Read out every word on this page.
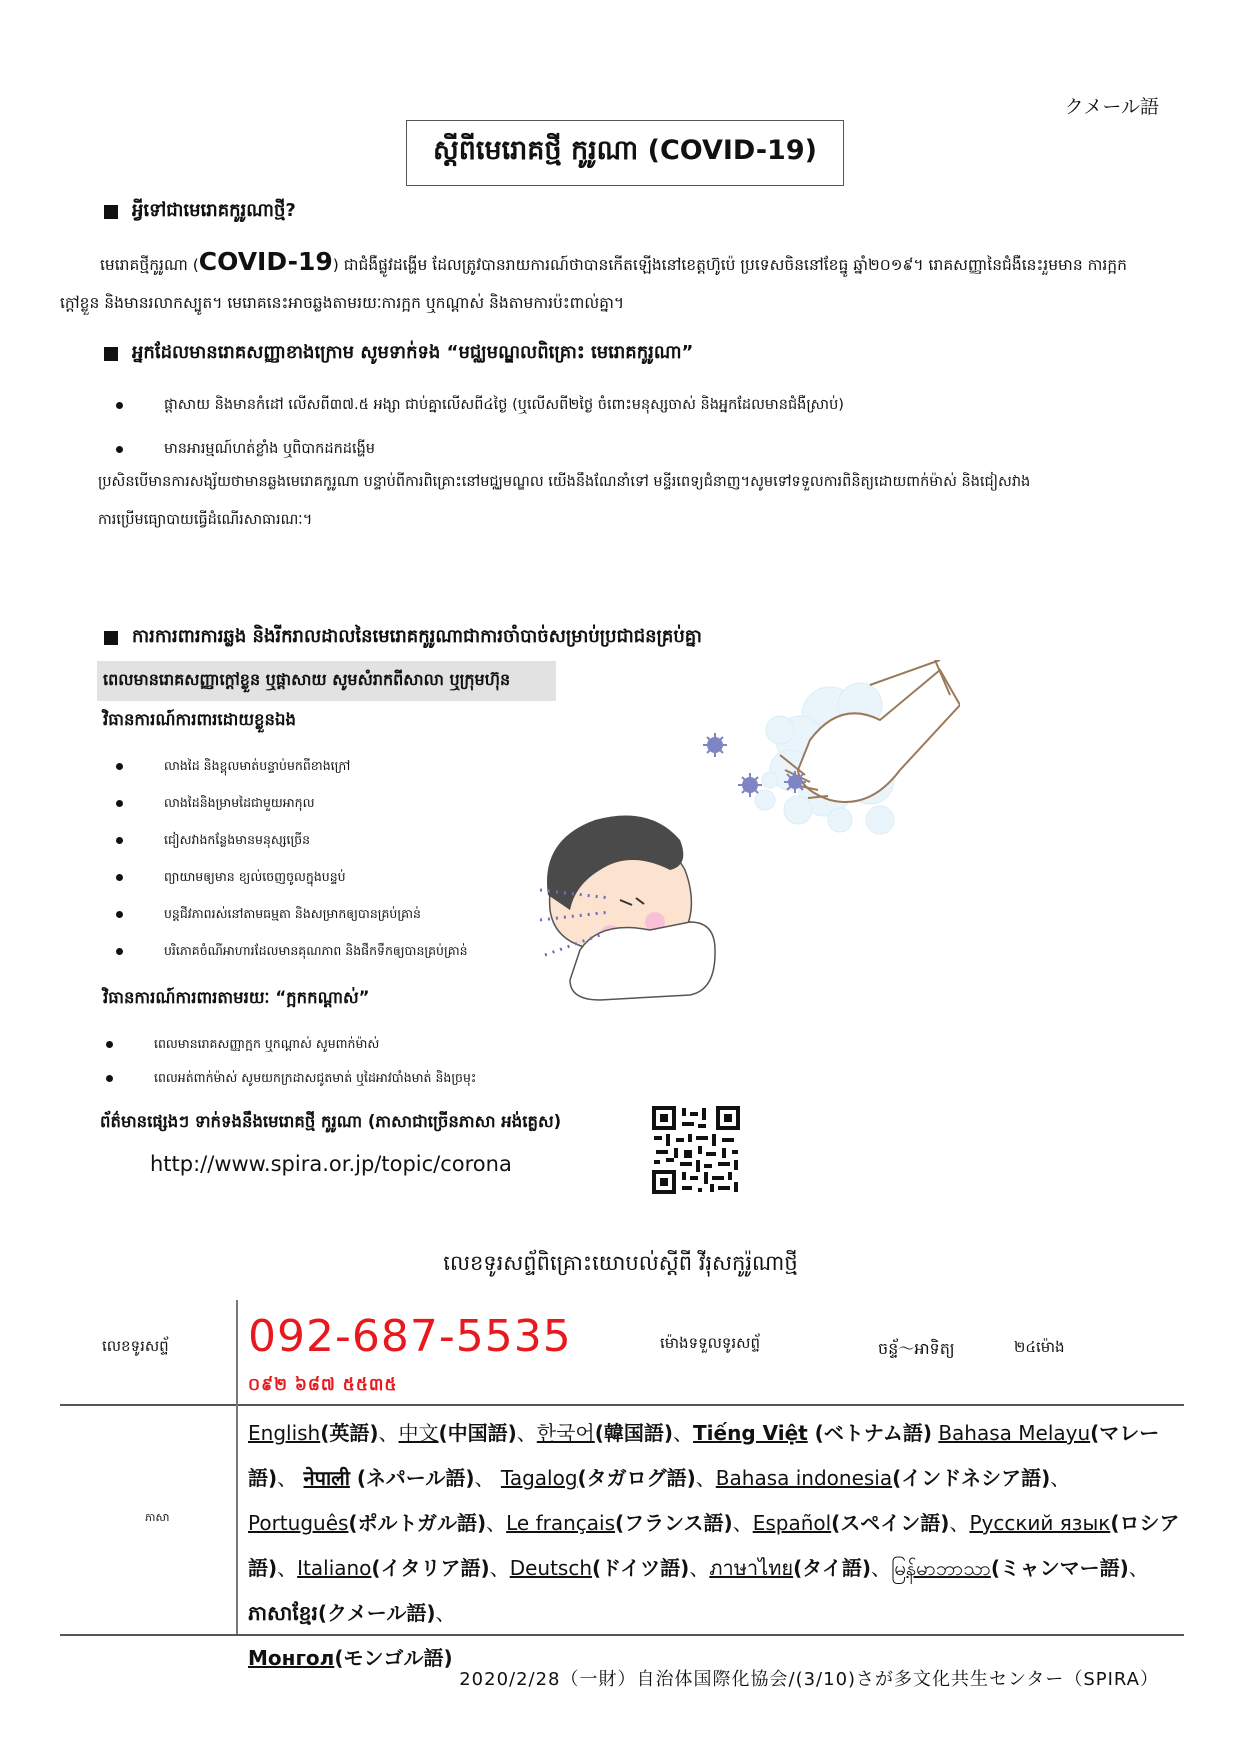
クメール語
ស្ដីពីមេរោគថ្មី កូរូណា (COVID-19)
អ្វីទៅជាមេរោគកូរូណាថ្មី?
មេរោគថ្មីកូរូណា (COVID-19) ជាជំងឺផ្លូវដង្ហើម ដែលត្រូវបានរាយការណ៍ថាបានកើតឡើងនៅខេត្តហ៊ូប៉េ ប្រទេសចិននៅខែធ្នូ ឆ្នាំ២០១៩។ រោគសញ្ញានៃជំងឺនេះរួមមាន ការក្អក
ក្តៅខ្លួន និងមានរលាកស្បូត។ មេរោគនេះអាចឆ្លងតាមរយៈការក្អក ឬកណ្តាស់ និងតាមការប៉ះពាល់គ្នា។
អ្នកដែលមានរោគសញ្ញាខាងក្រោម សូមទាក់ទង “មជ្ឈមណ្ឌលពិគ្រោះ មេរោគកូរូណា”
ផ្តាសាយ និងមានកំដៅ លើសពី៣៧.៥ អង្សា ជាប់គ្នាលើសពី៤ថ្ងៃ (ឬលើសពី២ថ្ងៃ ចំពោះមនុស្សចាស់ និងអ្នកដែលមានជំងឺស្រាប់)
មានអារម្មណ៍ហត់ខ្លាំង ឬពិបាកដកដង្ហើម
ប្រសិនបើមានការសង្ស័យថាមានឆ្លងមេរោគកូរូណា បន្ទាប់ពីការពិគ្រោះនៅមជ្ឈមណ្ឌល យើងនឹងណែនាំទៅ មន្ទីរពេទ្យជំនាញ។សូមទៅទទួលការពិនិត្យដោយពាក់ម៉ាស់ និងជៀសវាង
ការប្រើមធ្យោបាយធ្វើដំណើរសាធារណៈ។
ការការពារការឆ្លង និងរីករាលដាលនៃមេរោគកូរូណាជាការចាំបាច់សម្រាប់ប្រជាជនគ្រប់គ្នា
ពេលមានរោគសញ្ញាក្តៅខ្លួន ឬផ្តាសាយ សូមសំរាកពីសាលា ឬក្រុមហ៊ុន
វិធានការណ៍ការពារដោយខ្លួនឯង
លាងដៃ និងខ្ពុលមាត់បន្ទាប់មកពីខាងក្រៅ
លាងដៃនិងម្រាមដៃជាមួយអាកុល
ជៀសវាងកន្លែងមានមនុស្សច្រើន
ព្យាយាមឲ្យមាន ខ្យល់ចេញចូលក្នុងបន្ទប់
បន្តជីវភាពរស់នៅតាមធម្មតា និងសម្រាកឲ្យបានគ្រប់គ្រាន់
បរិភោគចំណីអាហារដែលមានគុណភាព និងផឹកទឹកឲ្យបានគ្រប់គ្រាន់
វិធានការណ៍ការពារតាមរយៈ “ក្អកកណ្តាស់”
ពេលមានរោគសញ្ញាក្អក ឬកណ្តាស់ សូមពាក់ម៉ាស់
ពេលអត់ពាក់ម៉ាស់ សូមយកក្រដាសជូតមាត់ ឬដៃអាវបាំងមាត់ និងច្រមុះ
ព័ត៌មានផ្សេងៗ ទាក់ទងនឹងមេរោគថ្មី កូរូណា (ភាសាជាច្រើនភាសា អង់គ្លេស)
http://www.spira.or.jp/topic/corona
លេខទូរសព្ទ័ពិគ្រោះយោបល់ស្តីពី វីរុសកូរ៉ូណាថ្មី
លេខទូរសព្ទ័ 092-687-5535
០៩២ ៦៨៧ ៥៥៣៥
ម៉ោងទទួលទូរសព្ទ័	ចន្ទ័〜អាទិត្យ	២៤ម៉ោង
ភាសា
English(英語)、中文(中国語)、한국어(韓国語)、Tiếng Việt (ベトナム語) Bahasa Melayu(マレー語)、 नेपाली (ネパール語)、 Tagalog(タガログ語)、Bahasa indonesia(インドネシア語)、Português(ポルトガル語)、Le français(フランス語)、Español(スペイン語)、Русский язык(ロシア語)、Italiano(イタリア語)、Deutsch(ドイツ語)、ภาษาไทย(タイ語)、မြန်မာဘာသာ(ミャンマー語)、ភាសាខ្មែរ(クメール語)、
Монгол(モンゴル語)
2020/2/28（一財）自治体国際化協会/(3/10)さが多文化共生センター（SPIRA）
